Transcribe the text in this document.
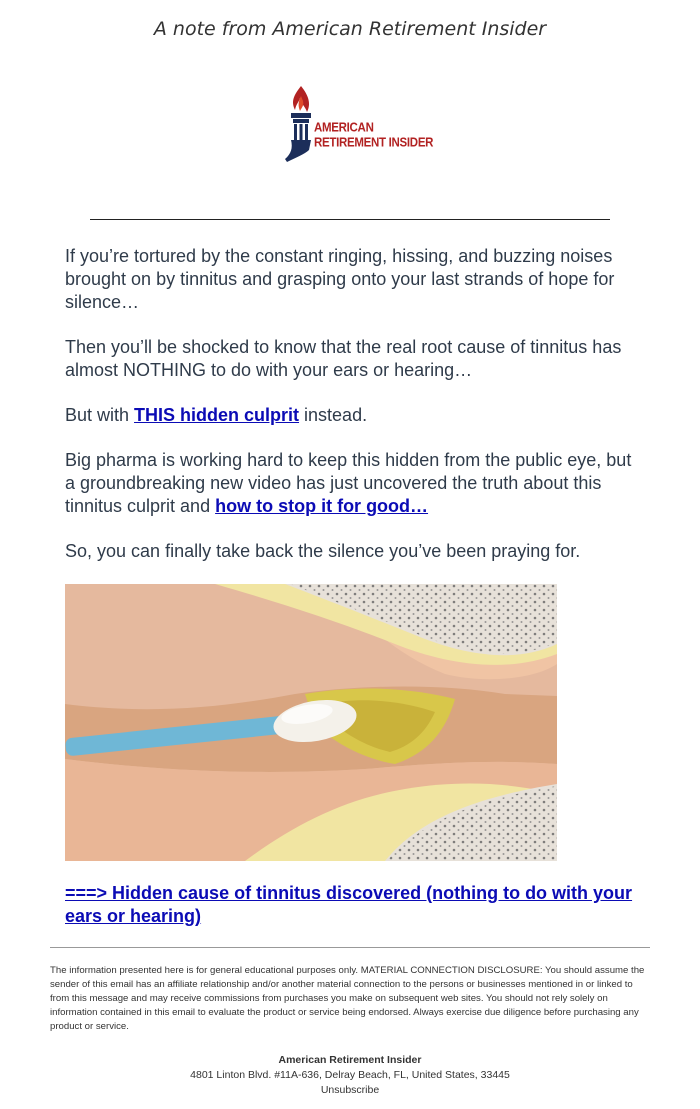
A note from American Retirement Insider
AMERICAN
RETIREMENT INSIDER

If you’re tortured by the constant ringing, hissing, and buzzing noises brought on by tinnitus and grasping onto your last strands of hope for silence…

Then you’ll be shocked to know that the real root cause of tinnitus has almost NOTHING to do with your ears or hearing…

But with THIS hidden culprit instead.

Big pharma is working hard to keep this hidden from the public eye, but a groundbreaking new video has just uncovered the truth about this tinnitus culprit and how to stop it for good…

So, you can finally take back the silence you’ve been praying for.

===> Hidden cause of tinnitus discovered (nothing to do with your ears or hearing)
The information presented here is for general educational purposes only. MATERIAL CONNECTION DISCLOSURE: You should assume the sender of this email has an affiliate relationship and/or another material connection to the persons or businesses mentioned in or linked to from this message and may receive commissions from purchases you make on subsequent web sites. You should not rely solely on information contained in this email to evaluate the product or service being endorsed. Always exercise due diligence before purchasing any product or service.
American Retirement Insider
4801 Linton Blvd. #11A-636, Delray Beach, FL, United States, 33445
Unsubscribe
